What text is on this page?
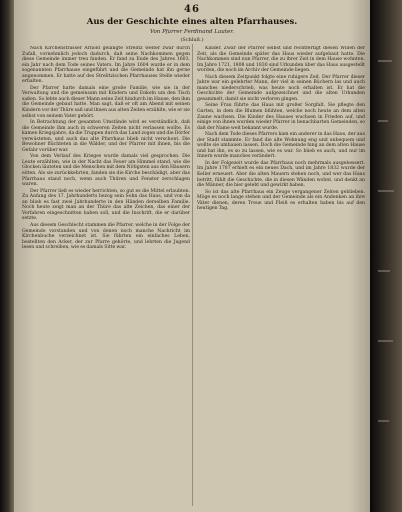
46
Aus der Geschichte eines alten Pfarrhauses.
Von Pfarrer Ferdinand Lauter.
(Schluß.)

Nach Kirchenstrasser Arnold gelangte Strelitz weiter zwar durch Zufall, vornehmlich jedoch dadurch, daß seine Nachkommen gegen diese Gemeinde immer treu fanden. Er fand zu Ende des Jahres 1603, ein Jahr nach dem Tode seines Vaters. Im Jahre 1604 wurde er in dem sogenannten Pfarrhause eingeführt und die Gemeinde hat ihn gerne angenommen. Er hatte auf des Strelitzischen Pfarrhauses Stelle wieder erhalten.

Der Pfarrer hatte damals eine große Familie, wie sie in der Verwaltung und die gemeinsam mit Kindern und Enkeln um den Tisch saßen. So lebte auch dieser Mann seine Zeit hindurch im Hause, den ihm die Gemeinde gebaut hatte. Man sagt, daß er oft am Abend mit seinen Kindern vor der Thüre saß und ihnen aus alten Zeiten erzählte, wie er sie selbst von seinem Vater gehört.

In Betrachtung der gesamten Umstände wird es verständlich, daß die Gemeinde ihm auch in schweren Zeiten nicht verlassen wollte. Es kamen Kriegsjahre, da die Truppen durch das Land zogen und die Dörfer verwüsteten, und auch das alte Pfarrhaus blieb nicht verschont. Die Bewohner flüchteten in die Wälder, und der Pfarrer mit ihnen, bis die Gefahr vorüber war.

Von dem Verlauf des Krieges wurde damals viel gesprochen. Die Leute erzählten, wie in der Nacht das Feuer am Himmel stand, wie die Glocken läuteten und die Menschen mit dem Nötigsten aus den Häusern eilten. Als sie zurückkehrten, fanden sie die Kirche beschädigt, aber das Pfarrhaus stand noch, wenn auch Thüren und Fenster zerschlagen waren.

Der Pfarrer ließ es wieder herrichten, so gut es die Mittel erlaubten. Zu Anfang des 17. Jahrhunderts bezog sein Sohn das Haus, und von da an blieb es fast zwei Jahrhunderte in den Händen derselben Familie. Noch heute zeigt man an der Thüre das alte Zeichen, das einer der Vorfahren eingeschnitten haben soll, und die Inschrift, die er darüber setzte.

Aus diesem Geschlecht stammen die Pfarrer, welche in der Folge der Gemeinde vorstanden und von denen noch manche Nachricht im Kirchenbuche verzeichnet ist. Sie führten ein einfaches Leben, bestellten den Acker, der zur Pfarre gehörte, und lehrten die Jugend lesen und schreiben, wie es damals Sitte war.

Kinder. Zwar der Pfarrer selbst und rechtfertigt diesen Willen der Zeit, als die Gemeinde später das Haus wieder aufgebaut hatte. Die Nachkommen sind nun Pfarrer, die zu ihrer Zeit in dem Hause wohnten. Im Jahre 1721, 1808 und 1830 sind Urkunden über das Haus ausgestellt worden, die noch im Archiv der Gemeinde liegen.

Nach diesem Zeitpunkt folgte eine ruhigere Zeit. Der Pfarrer dieser Jahre war ein gelehrter Mann, der viel in seinen Büchern las und auch manches niederschrieb, was heute noch erhalten ist. Er hat die Geschichte der Gemeinde aufgezeichnet und die alten Urkunden gesammelt, damit sie nicht verloren gingen.

Seine Frau führte das Haus mit großer Sorgfalt. Sie pflegte den Garten, in dem die Blumen blühten, welche noch heute an dem alten Zaune wachsen. Die Kinder des Hauses wuchsen in Frieden auf, und einige von ihnen wurden wieder Pfarrer in benachbarten Gemeinden, so daß der Name weit bekannt wurde.

Nach dem Tode dieses Pfarrers kam ein anderer in das Haus, der aus der Stadt stammte. Er fand die alte Wohnung eng und unbequem und wollte sie umbauen lassen. Doch die Gemeinde hing an dem alten Hause und bat ihn, es so zu lassen, wie es war. So blieb es auch, und nur im Innern wurde manches verändert.

In der Folgezeit wurde das Pfarrhaus noch mehrmals ausgebessert. Im Jahre 1787 erhielt es ein neues Dach, und im Jahre 1832 wurde der Keller erneuert. Aber die alten Mauern stehen noch, und wer das Haus betritt, fühlt die Geschichte, die in diesen Wänden wohnt, und denkt an die Männer, die hier gelebt und gewirkt haben.

So ist das alte Pfarrhaus ein Zeuge vergangener Zeiten geblieben. Möge es noch lange stehen und der Gemeinde als ein Andenken an ihre Väter dienen, deren Treue und Fleiß es erhalten haben bis auf den heutigen Tag.
